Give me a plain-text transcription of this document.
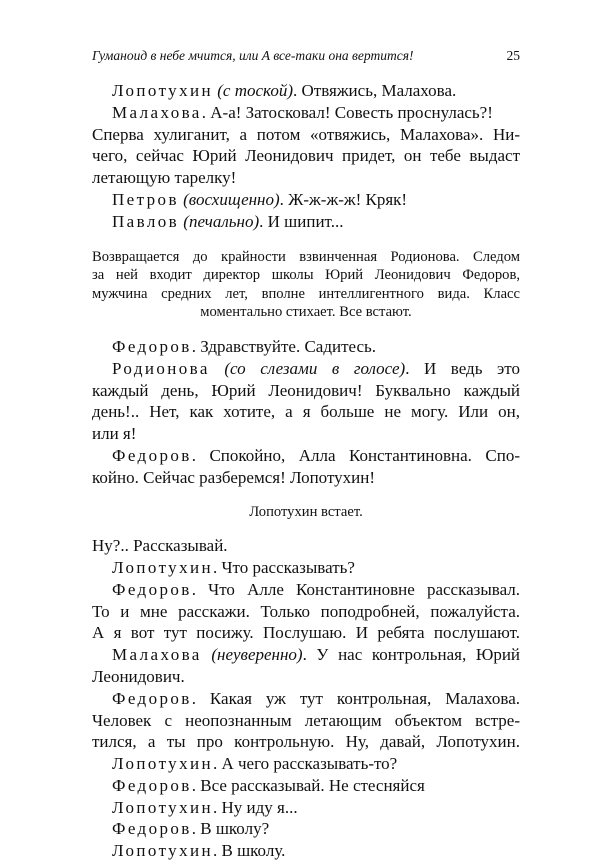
Гуманоид в небе мчится, или А все-таки она вертится!	25
Лопотухин (с тоской). Отвяжись, Малахова.
Малахова. А-а! Затосковал! Совесть проснулась?!
Сперва хулиганит, а потом «отвяжись, Малахова». Ни-
чего, сейчас Юрий Леонидович придет, он тебе выдаст
летающую тарелку!
Петров (восхищенно). Ж-ж-ж-ж! Кряк!
Павлов (печально). И шипит...
Возвращается до крайности взвинченная Родионова. Следом
за ней входит директор школы Юрий Леонидович Федоров,
мужчина средних лет, вполне интеллигентного вида. Класс
моментально стихает. Все встают.
Федоров. Здравствуйте. Садитесь.
Родионова (со слезами в голосе). И ведь это
каждый день, Юрий Леонидович! Буквально каждый
день!.. Нет, как хотите, а я больше не могу. Или он,
или я!
Федоров. Спокойно, Алла Константиновна. Спо-
койно. Сейчас разберемся! Лопотухин!
Лопотухин встает.
Ну?.. Рассказывай.
Лопотухин. Что рассказывать?
Федоров. Что Алле Константиновне рассказывал.
То и мне расскажи. Только поподробней, пожалуйста.
А я вот тут посижу. Послушаю. И ребята послушают.
Малахова (неуверенно). У нас контрольная, Юрий
Леонидович.
Федоров. Какая уж тут контрольная, Малахова.
Человек с неопознанным летающим объектом встре-
тился, а ты про контрольную. Ну, давай, Лопотухин.
Лопотухин. А чего рассказывать-то?
Федоров. Все рассказывай. Не стесняйся
Лопотухин. Ну иду я...
Федоров. В школу?
Лопотухин. В школу.
